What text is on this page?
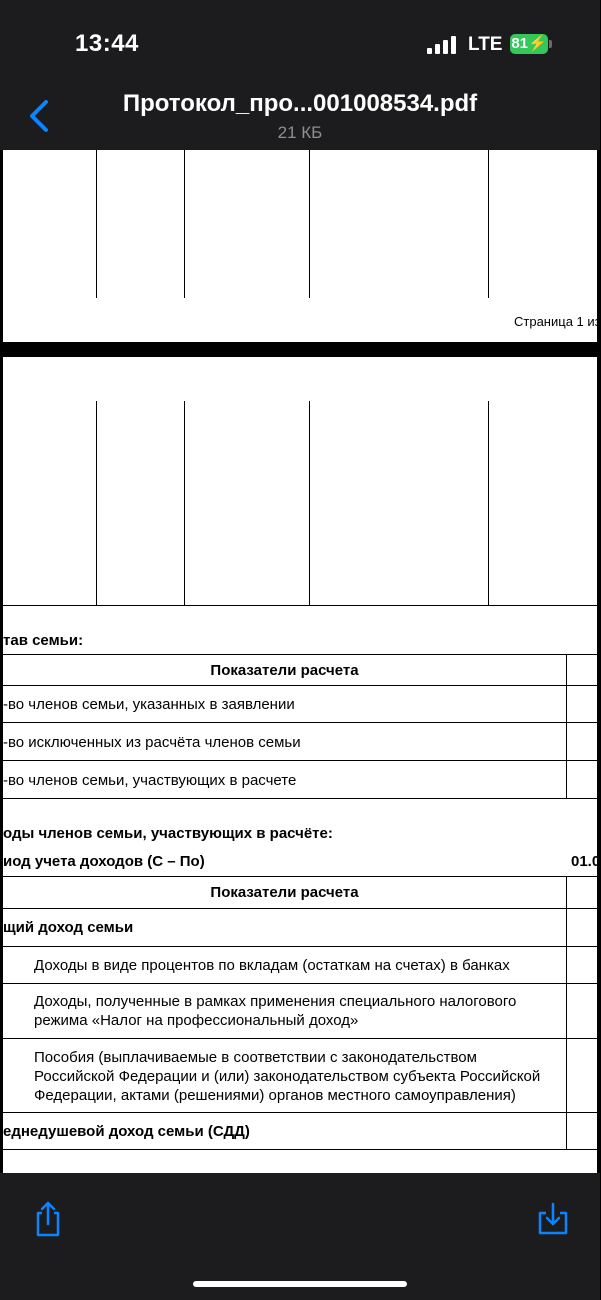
13:44	LTE 81⚡
Протокол_про...001008534.pdf
21 КБ
Страница 1 из
тав семьи:
Показатели расчета
-во членов семьи, указанных в заявлении
-во исключенных из расчёта членов семьи
-во членов семьи, участвующих в расчете
оды членов семьи, участвующих в расчёте:
иод учета доходов (С – По)	01.0
Показатели расчета
щий доход семьи
Доходы в виде процентов по вкладам (остаткам на счетах) в банках
Доходы, полученные в рамках применения специального налогового
режима «Налог на профессиональный доход»
Пособия (выплачиваемые в соответствии с законодательством
Российской Федерации и (или) законодательством субъекта Российской
Федерации, актами (решениями) органов местного самоуправления)
еднедушевой доход семьи (СДД)
